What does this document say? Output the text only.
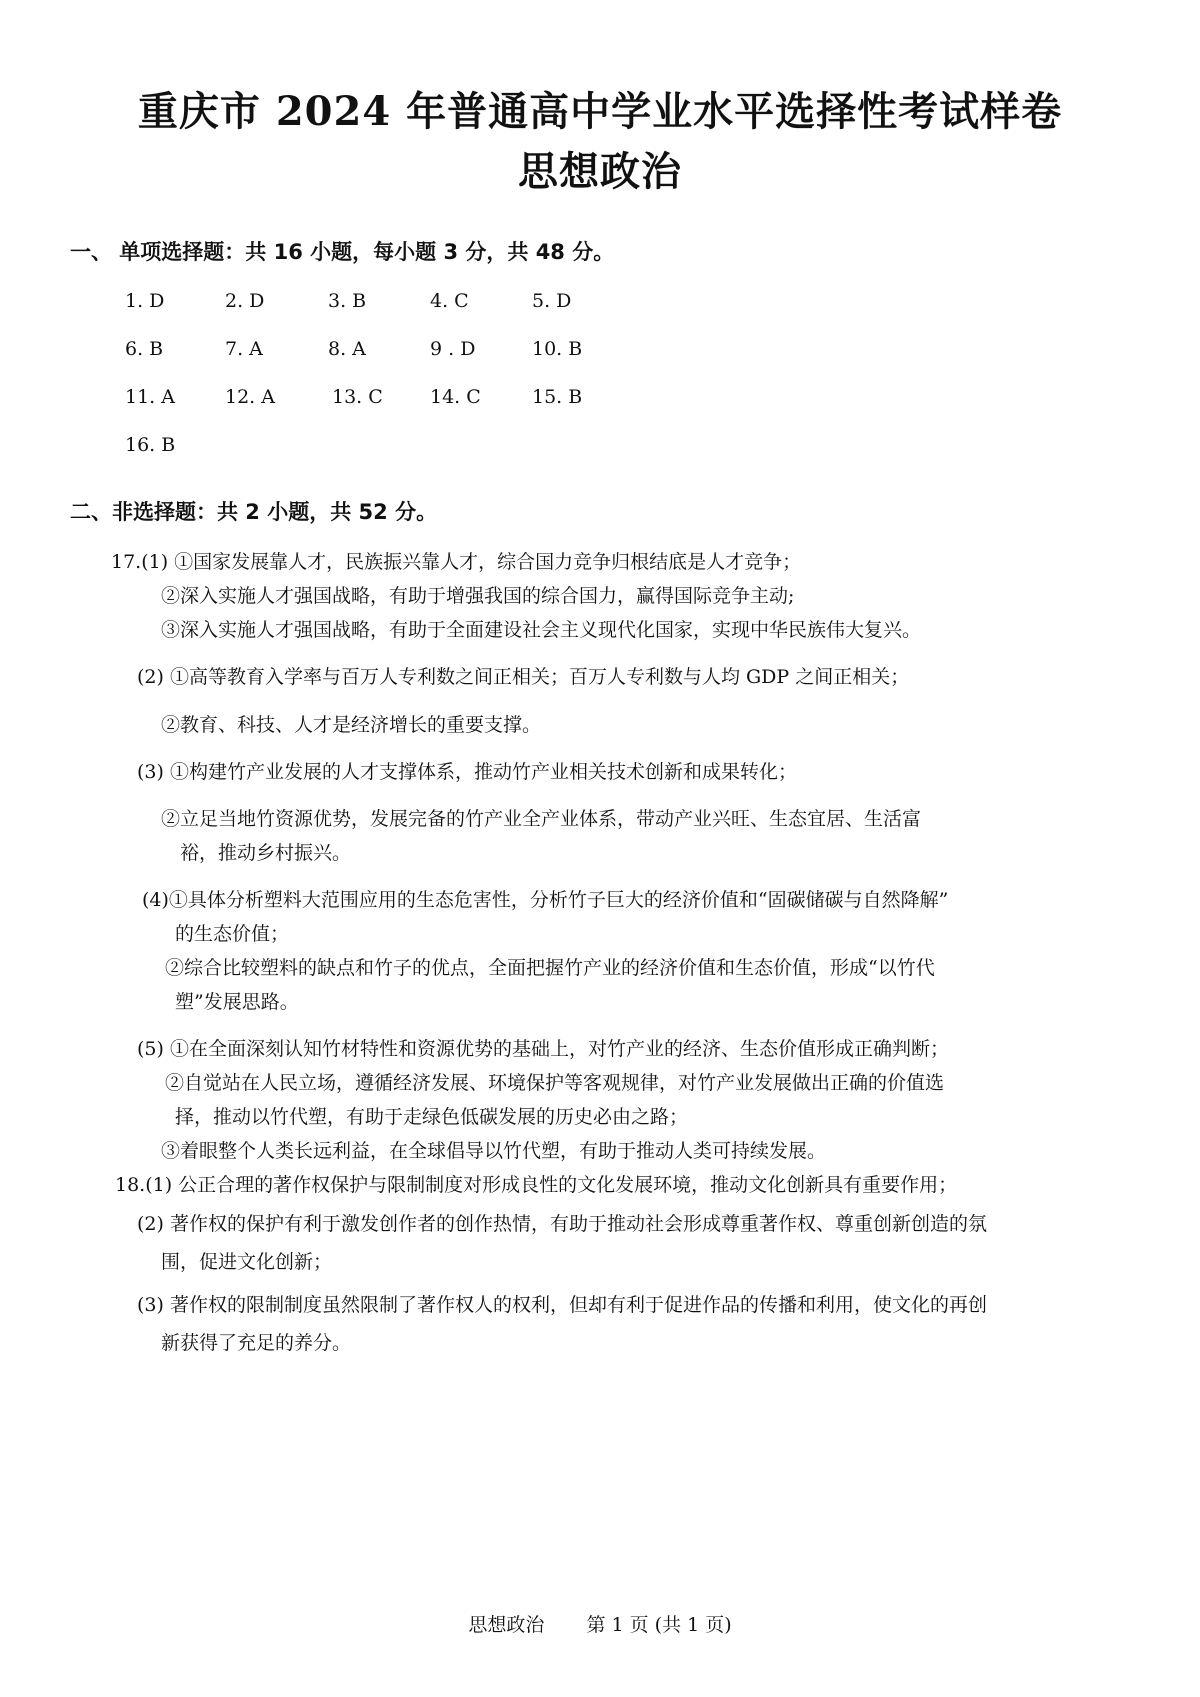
重庆市 2024 年普通高中学业水平选择性考试样卷
思想政治
一、 单项选择题：共 16 小题，每小题 3 分，共 48 分。
1. D	2. D	3. B	4. C	5. D
6. B	7. A	8. A	9 . D	10. B
11. A	12. A	13. C 14. C	15. B
16. B
二、非选择题：共 2 小题，共 52 分。
17.(1) ①国家发展靠人才，民族振兴靠人才，综合国力竞争归根结底是人才竞争；
②深入实施人才强国战略，有助于增强我国的综合国力，赢得国际竞争主动;
③深入实施人才强国战略，有助于全面建设社会主义现代化国家，实现中华民族伟大复兴。
(2) ①高等教育入学率与百万人专利数之间正相关；百万人专利数与人均 GDP 之间正相关；
②教育、科技、人才是经济增长的重要支撑。
(3) ①构建竹产业发展的人才支撑体系，推动竹产业相关技术创新和成果转化；
②立足当地竹资源优势，发展完备的竹产业全产业体系，带动产业兴旺、生态宜居、生活富
裕，推动乡村振兴。
(4)①具体分析塑料大范围应用的生态危害性，分析竹子巨大的经济价值和“固碳储碳与自然降解”
的生态价值；
②综合比较塑料的缺点和竹子的优点，全面把握竹产业的经济价值和生态价值，形成“以竹代
塑”发展思路。
(5) ①在全面深刻认知竹材特性和资源优势的基础上，对竹产业的经济、生态价值形成正确判断；
②自觉站在人民立场，遵循经济发展、环境保护等客观规律，对竹产业发展做出正确的价值选
择，推动以竹代塑，有助于走绿色低碳发展的历史必由之路；
③着眼整个人类长远利益，在全球倡导以竹代塑，有助于推动人类可持续发展。
18.(1) 公正合理的著作权保护与限制制度对形成良性的文化发展环境，推动文化创新具有重要作用；
(2) 著作权的保护有利于激发创作者的创作热情，有助于推动社会形成尊重著作权、尊重创新创造的氛
围，促进文化创新；
(3) 著作权的限制制度虽然限制了著作权人的权利，但却有利于促进作品的传播和利用，使文化的再创
新获得了充足的养分。
思想政治 第 1 页 (共 1 页)
